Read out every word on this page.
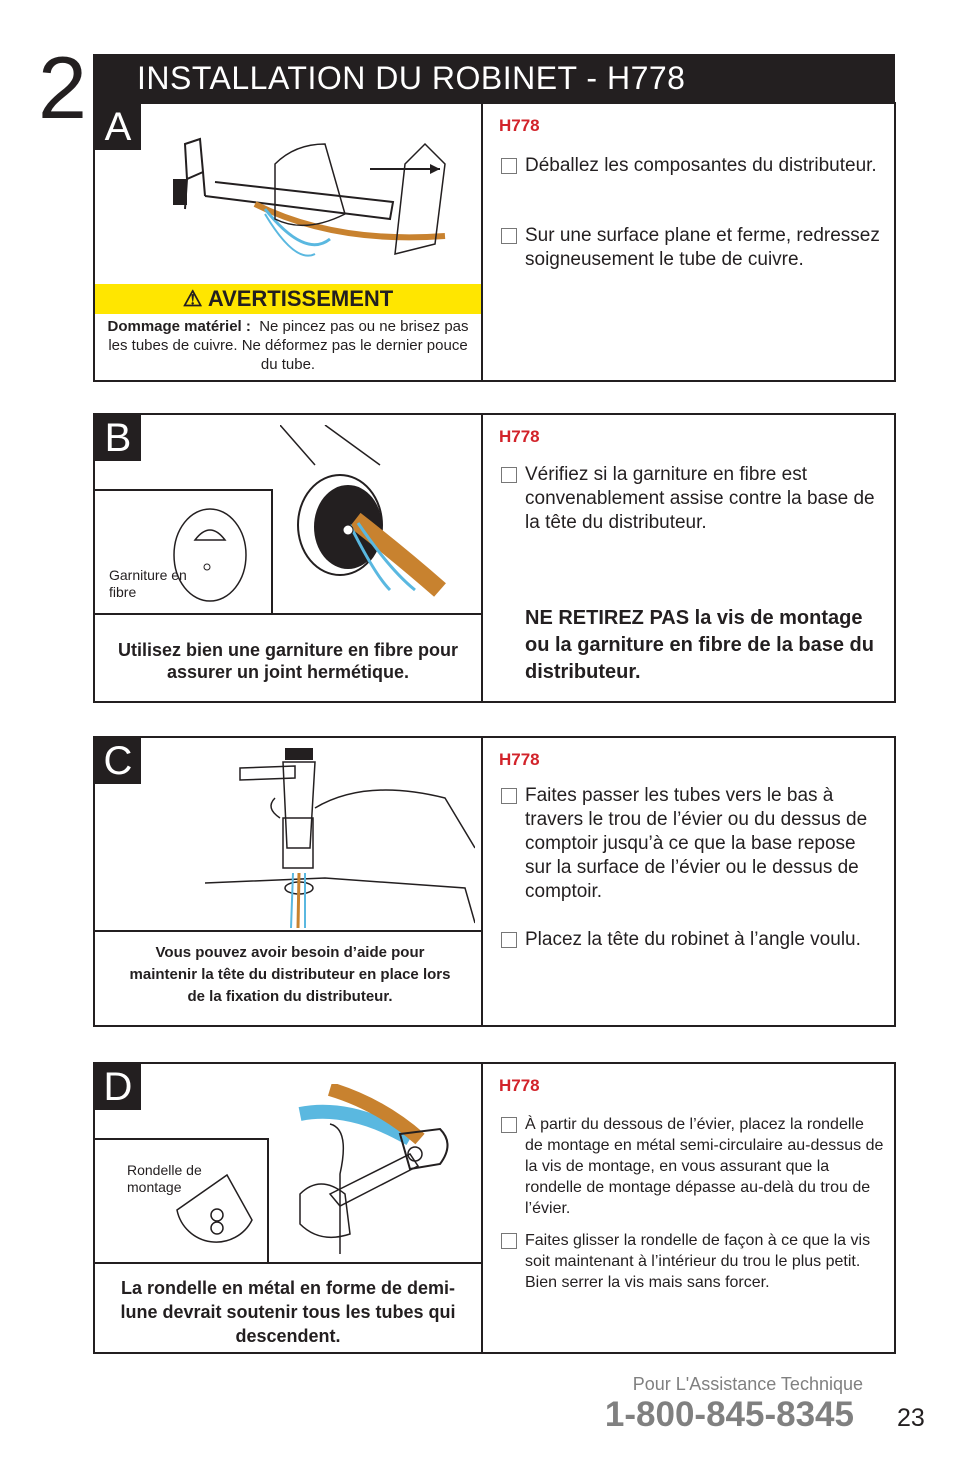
2 INSTALLATION DU ROBINET - H778
A
⚠ AVERTISSEMENT
Dommage matériel : Ne pincez pas ou ne brisez pas les tubes de cuivre. Ne déformez pas le dernier pouce du tube.
H778
Déballez les composantes du distributeur.
Sur une surface plane et ferme, redressez soigneusement le tube de cuivre.
B
Garniture en fibre
Utilisez bien une garniture en fibre pour assurer un joint hermétique.
H778
Vérifiez si la garniture en fibre est convenablement assise contre la base de la tête du distributeur.
NE RETIREZ PAS la vis de montage ou la garniture en fibre de la base du distributeur.
C
Vous pouvez avoir besoin d’aide pour maintenir la tête du distributeur en place lors de la fixation du distributeur.
H778
Faites passer les tubes vers le bas à travers le trou de l’évier ou du dessus de comptoir jusqu’à ce que la base repose sur la surface de l’évier ou le dessus de comptoir.
Placez la tête du robinet à l’angle voulu.
D
Rondelle de montage
La rondelle en métal en forme de demi-lune devrait soutenir tous les tubes qui descendent.
H778
À partir du dessous de l’évier, placez la rondelle de montage en métal semi-circulaire au-dessus de la vis de montage, en vous assurant que la rondelle de montage dépasse au-delà du trou de l’évier.
Faites glisser la rondelle de façon à ce que la vis soit maintenant à l’intérieur du trou le plus petit. Bien serrer la vis mais sans forcer.
Pour L'Assistance Technique
1-800-845-8345 23
